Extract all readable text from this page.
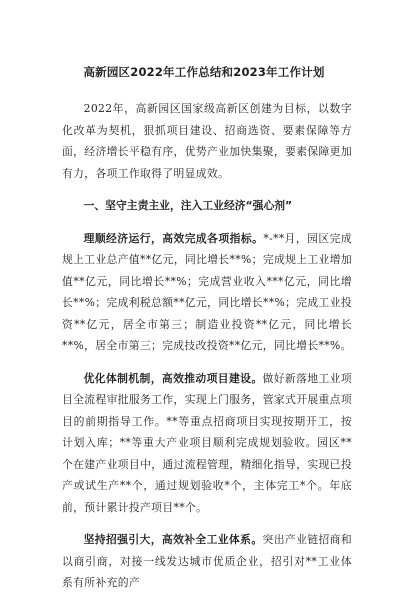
高新园区2022年工作总结和2023年工作计划

2022年，高新园区国家级高新区创建为目标，以数字化改革为契机，狠抓项目建设、招商选资、要素保障等方面，经济增长平稳有序，优势产业加快集聚，要素保障更加有力，各项工作取得了明显成效。

一、坚守主责主业，注入工业经济“强心剂”

理顺经济运行，高效完成各项指标。*-**月，园区完成规上工业总产值**亿元，同比增长**%；完成规上工业增加值**亿元，同比增长**%；完成营业收入***亿元，同比增长**%；完成利税总额**亿元，同比增长**%；完成工业投资**亿元，居全市第三；制造业投资**亿元，同比增长**%，居全市第三；完成技改投资**亿元，同比增长**%。

优化体制机制，高效推动项目建设。做好新落地工业项目全流程审批服务工作，实现上门服务，管家式开展重点项目的前期指导工作。**等重点招商项目实现按期开工，按计划入库；**等重大产业项目顺利完成规划验收。园区**个在建产业项目中，通过流程管理，精细化指导，实现已投产或试生产**个，通过规划验收*个，主体完工*个。年底前，预计累计投产项目**个。

坚持招强引大，高效补全工业体系。突出产业链招商和以商引商，对接一线发达城市优质企业，招引对**工业体系有所补充的产
